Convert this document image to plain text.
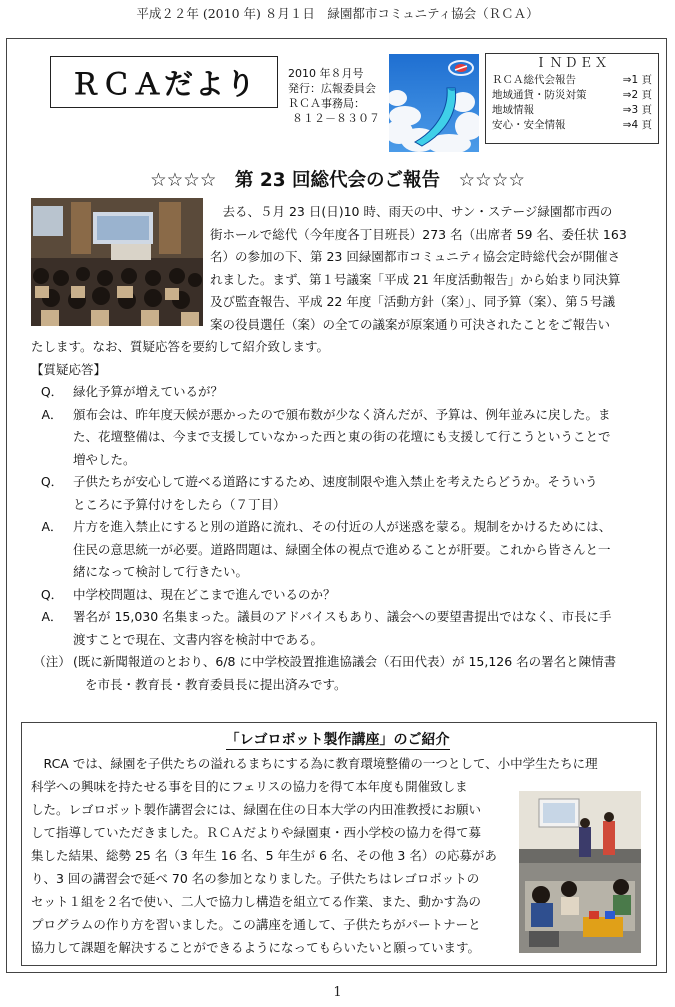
平成２２年 (2010 年) ８月１日　緑園都市コミュニティ協会（ＲＣＡ）
ＲＣＡだより	2010 年８月号
発行：広報委員会
ＲＣＡ事務局：
８１２－８３０７
ＩＮＤＥＸ
ＲＣＡ総代会報告	⇒1 頁
地域通貨・防災対策	⇒2 頁
地域情報	⇒3 頁
安心・安全情報	⇒4 頁
☆☆☆☆　第 23 回総代会のご報告　☆☆☆☆
　去る、５月 23 日(日)10 時、雨天の中、サン・ステージ緑園都市西の
街ホールで総代（今年度各丁目班長）273 名（出席者 59 名、委任状 163
名）の参加の下、第 23 回緑園都市コミュニティ協会定時総代会が開催さ
れました。まず、第１号議案「平成 21 年度活動報告」から始まり同決算
及び監査報告、平成 22 年度「活動方針（案）」、同予算（案）、第５号議
案の役員選任（案）の全ての議案が原案通り可決されたことをご報告い
たします。なお、質疑応答を要約して紹介致します。
【質疑応答】
Q． 緑化予算が増えているが？
A． 頒布会は、昨年度天候が悪かったので頒布数が少なく済んだが、予算は、例年並みに戻した。ま
た、花壇整備は、今まで支援していなかった西と東の街の花壇にも支援して行こうということで
増やした。
Q． 子供たちが安心して遊べる道路にするため、速度制限や進入禁止を考えたらどうか。そういう
ところに予算付けをしたら（７丁目）
A． 片方を進入禁止にすると別の道路に流れ、その付近の人が迷惑を蒙る。規制をかけるためには、
住民の意思統一が必要。道路問題は、緑園全体の視点で進めることが肝要。これから皆さんと一
緒になって検討して行きたい。
Q． 中学校問題は、現在どこまで進んでいるのか？
A． 署名が 15,030 名集まった。議員のアドバイスもあり、議会への要望書提出ではなく、市長に手
渡すことで現在、文書内容を検討中である。
（注） (既に新聞報道のとおり、6/8 に中学校設置推進協議会（石田代表）が 15,126 名の署名と陳情書
を市長・教育長・教育委員長に提出済みです。
「レゴロボット製作講座」のご紹介
　RCA では、緑園を子供たちの溢れるまちにする為に教育環境整備の一つとして、小中学生たちに理
科学への興味を持たせる事を目的にフェリスの協力を得て本年度も開催致しま
した。レゴロボット製作講習会には、緑園在住の日本大学の内田准教授にお願い
して指導していただきました。ＲＣＡだよりや緑園東・西小学校の協力を得て募
集した結果、総勢 25 名（3 年生 16 名、5 年生が 6 名、その他 3 名）の応募があ
り、3 回の講習会で延べ 70 名の参加となりました。子供たちはレゴロボットの
セット１組を２名で使い、二人で協力し構造を組立てる作業、また、動かす為の
プログラムの作り方を習いました。この講座を通して、子供たちがパートナーと
協力して課題を解決することができるようになってもらいたいと願っています。
1
